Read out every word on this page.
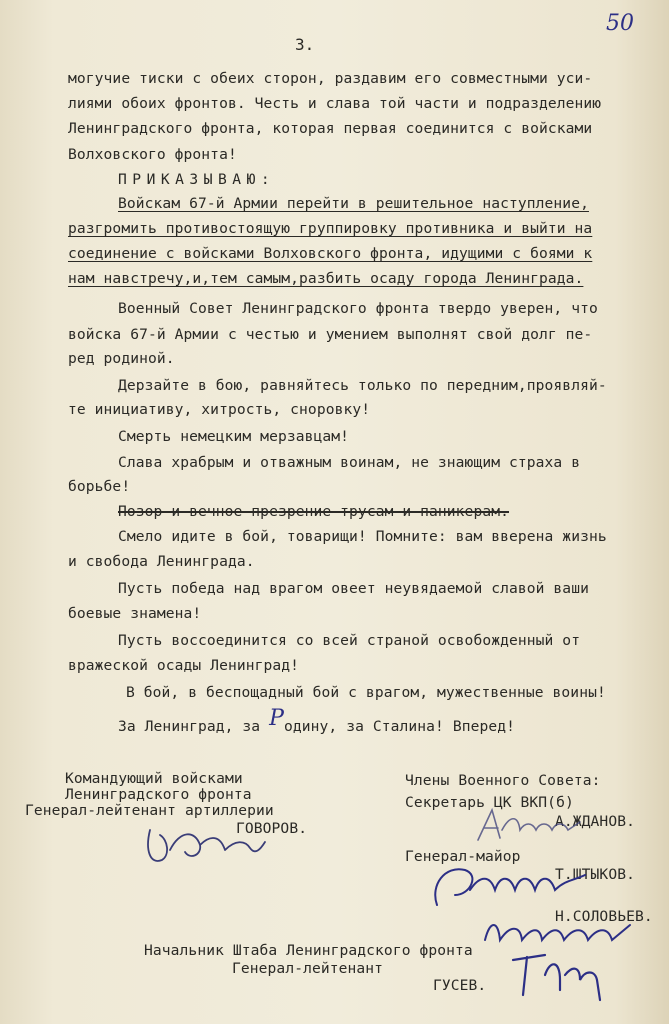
50
3.
могучие тиски с обеих сторон, раздавим его совместными уси-
лиями обоих фронтов. Честь и слава той части и подразделению
Ленинградского фронта, которая первая соединится с войсками
Волховского фронта!
ПРИКАЗЫВАЮ:
Войскам 67-й Армии перейти в решительное наступление,
разгромить противостоящую группировку противника и выйти на
соединение с войсками Волховского фронта, идущими с боями к
нам навстречу,и,тем самым,разбить осаду города Ленинграда.
Военный Совет Ленинградского фронта твердо уверен, что
войска 67-й Армии с честью и умением выполнят свой долг пе-
ред родиной.
Дерзайте в бою, равняйтесь только по передним,проявляй-
те инициативу, хитрость, сноровку!
Смерть немецким мерзавцам!
Слава храбрым и отважным воинам, не знающим страха в
борьбе!
Позор и вечное презрение трусам и паникерам.
Смело идите в бой, товарищи! Помните: вам вверена жизнь
и свобода Ленинграда.
Пусть победа над врагом овеет неувядаемой славой ваши
боевые знамена!
Пусть воссоединится со всей страной освобожденный от
вражеской осады Ленинград!
В бой, в беспощадный бой с врагом, мужественные воины!
За Ленинград, за Родину, за Сталина! Вперед!
Командующий войсками
Ленинградского фронта
Генерал-лейтенант артиллерии
ГОВОРОВ.
Члены Военного Совета:
Секретарь ЦК ВКП(б)
А.ЖДАНОВ.
Генерал-майор
Т.ШТЫКОВ.
Н.СОЛОВЬЕВ.
Начальник Штаба Ленинградского фронта
Генерал-лейтенант
ГУСЕВ.
